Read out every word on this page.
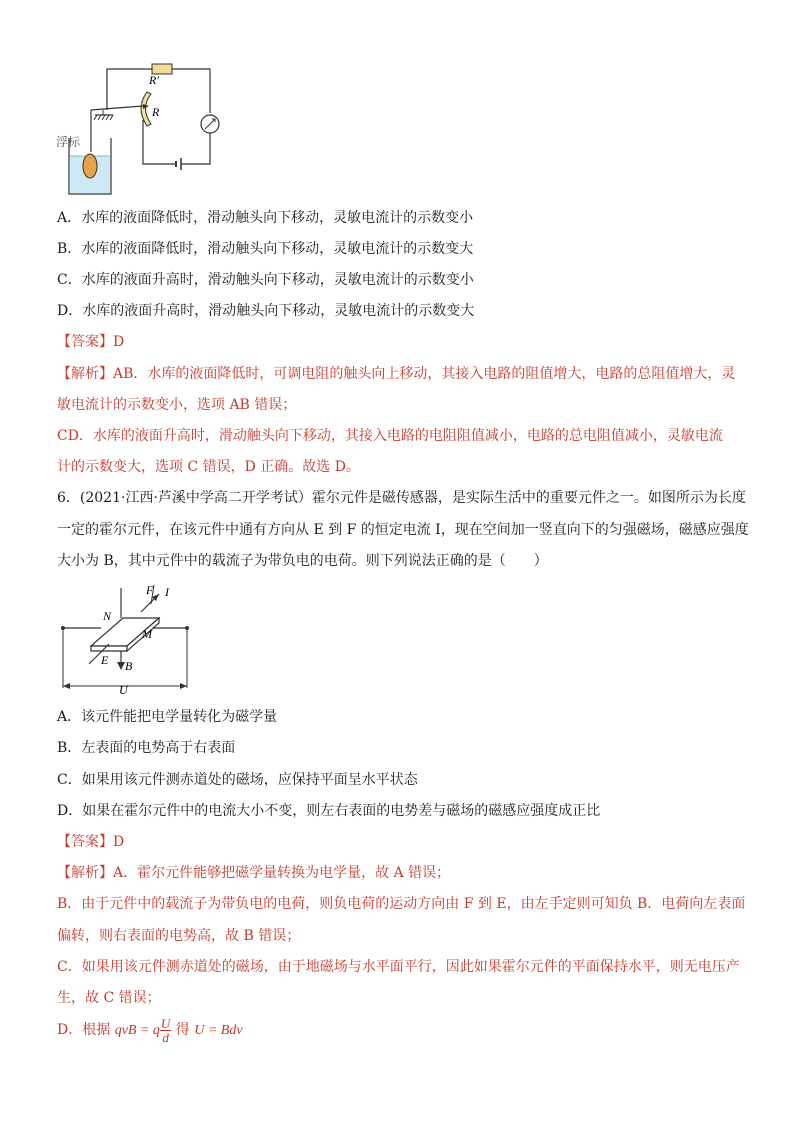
R′
R
浮标
A．水库的液面降低时，滑动触头向下移动，灵敏电流计的示数变小
B．水库的液面降低时，滑动触头向下移动，灵敏电流计的示数变大
C．水库的液面升高时，滑动触头向下移动，灵敏电流计的示数变小
D．水库的液面升高时，滑动触头向下移动，灵敏电流计的示数变大
【答案】D
【解析】AB．水库的液面降低时，可调电阻的触头向上移动，其接入电路的阻值增大，电路的总阻值增大，灵
敏电流计的示数变小，选项 AB 错误；
CD．水库的液面升高时，滑动触头向下移动，其接入电路的电阻阻值减小，电路的总电阻值减小，灵敏电流
计的示数变大，选项 C 错误，D 正确。故选 D。
6．(2021·江西·芦溪中学高二开学考试）霍尔元件是磁传感器，是实际生活中的重要元件之一。如图所示为长度
一定的霍尔元件，在该元件中通有方向从 E 到 F 的恒定电流 I，现在空间加一竖直向下的匀强磁场，磁感应强度
大小为 B，其中元件中的载流子为带负电的电荷。则下列说法正确的是（　　）
F I
N
M
E B
U
A．该元件能把电学量转化为磁学量
B．左表面的电势高于右表面
C．如果用该元件测赤道处的磁场，应保持平面呈水平状态
D．如果在霍尔元件中的电流大小不变，则左右表面的电势差与磁场的磁感应强度成正比
【答案】D
【解析】A．霍尔元件能够把磁学量转换为电学量，故 A 错误；
B．由于元件中的载流子为带负电的电荷，则负电荷的运动方向由 F 到 E，由左手定则可知负 B．电荷向左表面
偏转，则右表面的电势高，故 B 错误；
C．如果用该元件测赤道处的磁场，由于地磁场与水平面平行，因此如果霍尔元件的平面保持水平，则无电压产
生，故 C 错误；
D．根据 qvB = q $\frac{U}{d}$ 得 U = Bdv
